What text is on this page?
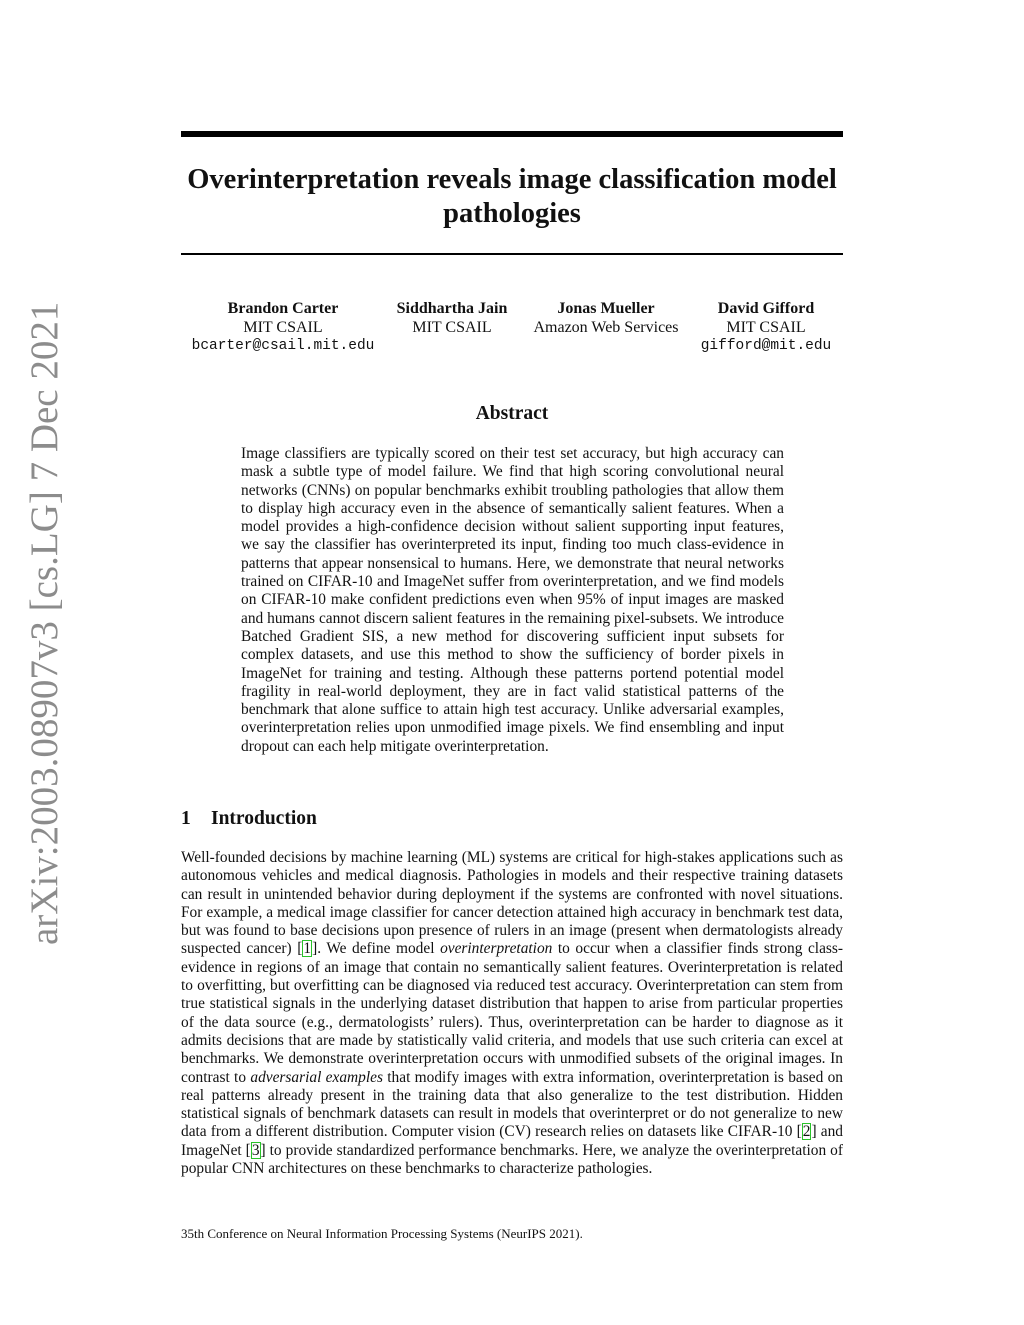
arXiv:2003.08907v3 [cs.LG] 7 Dec 2021
Overinterpretation reveals image classification model pathologies
Brandon Carter
MIT CSAIL
bcarter@csail.mit.edu
Siddhartha Jain
MIT CSAIL
Jonas Mueller
Amazon Web Services
David Gifford
MIT CSAIL
gifford@mit.edu
Abstract
Image classifiers are typically scored on their test set accuracy, but high accuracy can mask a subtle type of model failure. We find that high scoring convolutional neural networks (CNNs) on popular benchmarks exhibit troubling pathologies that allow them to display high accuracy even in the absence of semantically salient features. When a model provides a high-confidence decision without salient supporting input features, we say the classifier has overinterpreted its input, finding too much class-evidence in patterns that appear nonsensical to humans. Here, we demonstrate that neural networks trained on CIFAR-10 and ImageNet suffer from overinterpretation, and we find models on CIFAR-10 make confident predictions even when 95% of input images are masked and humans cannot discern salient features in the remaining pixel-subsets. We introduce Batched Gradient SIS, a new method for discovering sufficient input subsets for complex datasets, and use this method to show the sufficiency of border pixels in ImageNet for training and testing. Although these patterns portend potential model fragility in real-world deployment, they are in fact valid statistical patterns of the benchmark that alone suffice to attain high test accuracy. Unlike adversarial examples, overinterpretation relies upon unmodified image pixels. We find ensembling and input dropout can each help mitigate overinterpretation.
1 Introduction
Well-founded decisions by machine learning (ML) systems are critical for high-stakes applications such as autonomous vehicles and medical diagnosis. Pathologies in models and their respective training datasets can result in unintended behavior during deployment if the systems are confronted with novel situations. For example, a medical image classifier for cancer detection attained high accuracy in benchmark test data, but was found to base decisions upon presence of rulers in an image (present when dermatologists already suspected cancer) [1]. We define model overinterpretation to occur when a classifier finds strong class-evidence in regions of an image that contain no semantically salient features. Overinterpretation is related to overfitting, but overfitting can be diagnosed via reduced test accuracy. Overinterpretation can stem from true statistical signals in the underlying dataset distribution that happen to arise from particular properties of the data source (e.g., dermatologists’ rulers). Thus, overinterpretation can be harder to diagnose as it admits decisions that are made by statistically valid criteria, and models that use such criteria can excel at benchmarks. We demonstrate overinterpretation occurs with unmodified subsets of the original images. In contrast to adversarial examples that modify images with extra information, overinterpretation is based on real patterns already present in the training data that also generalize to the test distribution. Hidden statistical signals of benchmark datasets can result in models that overinterpret or do not generalize to new data from a different distribution. Computer vision (CV) research relies on datasets like CIFAR-10 [2] and ImageNet [3] to provide standardized performance benchmarks. Here, we analyze the overinterpretation of popular CNN architectures on these benchmarks to characterize pathologies.
35th Conference on Neural Information Processing Systems (NeurIPS 2021).
